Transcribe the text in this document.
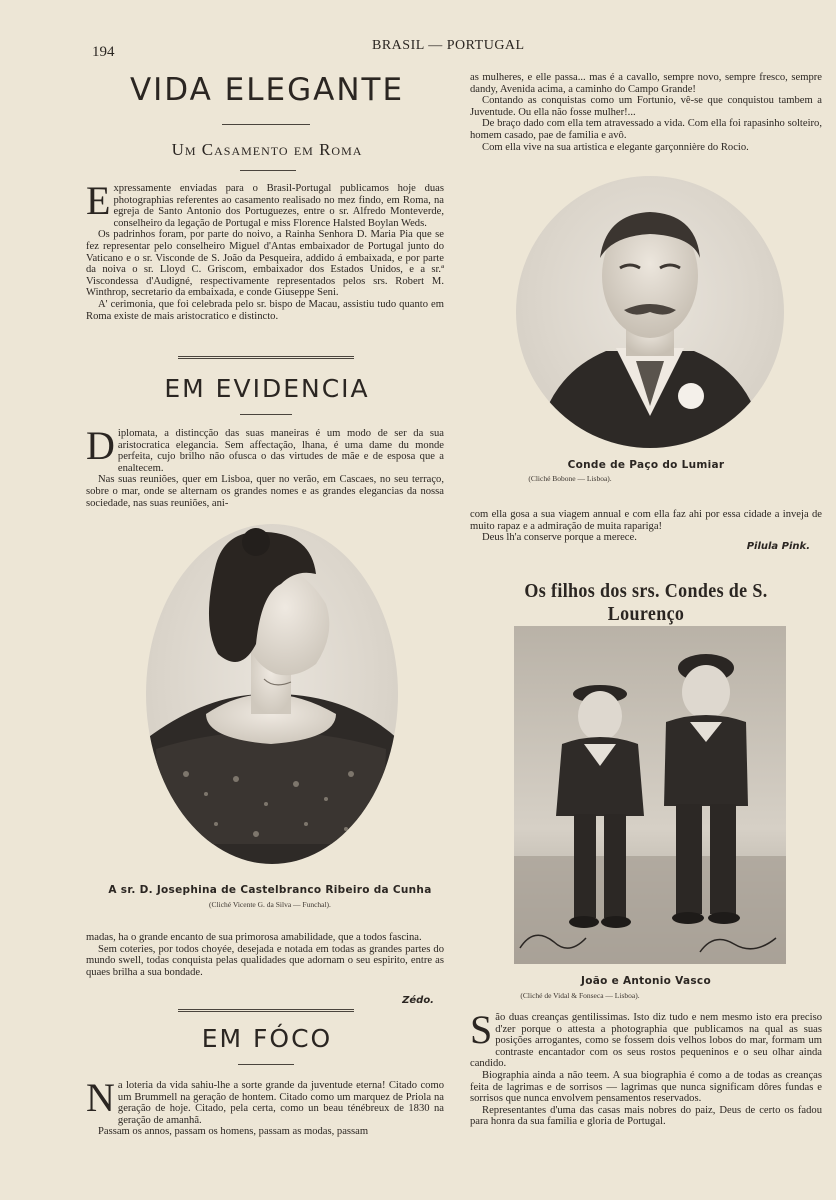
194	BRASIL — PORTUGAL
VIDA ELEGANTE
Um Casamento em Roma

Expressamente enviadas para o Brasil-Portugal publicamos hoje duas photographias referentes ao casamento realisado no mez findo, em Roma, na egreja de Santo Antonio dos Portuguezes, entre o sr. Alfredo Monteverde, conselheiro da legação de Portugal e miss Florence Halsted Boylan Weds.

Os padrinhos foram, por parte do noivo, a Rainha Senhora D. Maria Pia que se fez representar pelo conselheiro Miguel d'Antas embaixador de Portugal junto do Vaticano e o sr. Visconde de S. João da Pesqueira, addido á embaixada, e por parte da noiva o sr. Lloyd C. Griscom, embaixador dos Estados Unidos, e a sr.ª Viscondessa d'Audigné, respectivamente representados pelos srs. Robert M. Winthrop, secretario da embaixada, e conde Giuseppe Seni.

A' cerimonia, que foi celebrada pelo sr. bispo de Macau, assistiu tudo quanto em Roma existe de mais aristocratico e distincto.

EM EVIDENCIA

Diplomata, a distincção das suas maneiras é um modo de ser da sua aristocratica elegancia. Sem affectação, lhana, é uma dame du monde perfeita, cujo brilho não ofusca o das virtudes de mãe e de esposa que a enaltecem.

Nas suas reuniões, quer em Lisboa, quer no verão, em Cascaes, no seu terraço, sobre o mar, onde se alternam os grandes nomes e as grandes elegancias da nossa sociedade, nas suas reuniões, ani-

A sr. D. Josephina de Castelbranco Ribeiro da Cunha
(Cliché Vicente G. da Silva — Funchal).

madas, ha o grande encanto de sua primorosa amabilidade, que a todos fascina.

Sem coteries, por todos choyée, desejada e notada em todas as grandes partes do mundo swell, todas conquista pelas qualidades que adornam o seu espirito, entre as quaes brilha a sua bondade.

Zédo.
EM FÓCO

Na loteria da vida sahiu-lhe a sorte grande da juventude eterna! Citado como um Brummell na geração de hontem. Citado como um marquez de Priola na geração de hoje. Citado, pela certa, como un beau ténébreux de 1830 na geração de amanhã.

Passam os annos, passam os homens, passam as modas, passam

as mulheres, e elle passa... mas é a cavallo, sempre novo, sempre fresco, sempre dandy, Avenida acima, a caminho do Campo Grande!

Contando as conquistas como um Fortunio, vê-se que conquistou tambem a Juventude. Ou ella não fosse mulher!...

De braço dado com ella tem atravessado a vida. Com ella foi rapasinho solteiro, homem casado, pae de familia e avô.

Com ella vive na sua artistica e elegante garçonnière do Rocio.

Conde de Paço do Lumiar
(Cliché Bobone — Lisboa).

com ella gosa a sua viagem annual e com ella faz ahi por essa cidade a inveja de muito rapaz e a admiração de muita rapariga!

Deus lh'a conserve porque a merece.

Pilula Pink.
Os filhos dos srs. Condes de S. Lourenço
João e Antonio Vasco
(Cliché de Vidal & Fonseca — Lisboa).

São duas creanças gentilissimas. Isto diz tudo e nem mesmo isto era preciso d'zer porque o attesta a photographia que publicamos na qual as suas posições arrogantes, como se fossem dois velhos lobos do mar, formam um contraste encantador com os seus rostos pequeninos e o seu olhar ainda candido.

Biographia ainda a não teem. A sua biographia é como a de todas as creanças feita de lagrimas e de sorrisos — lagrimas que nunca significam dôres fundas e sorrisos que nunca envolvem pensamentos reservados.

Representantes d'uma das casas mais nobres do paiz, Deus de certo os fadou para honra da sua familia e gloria de Portugal.
